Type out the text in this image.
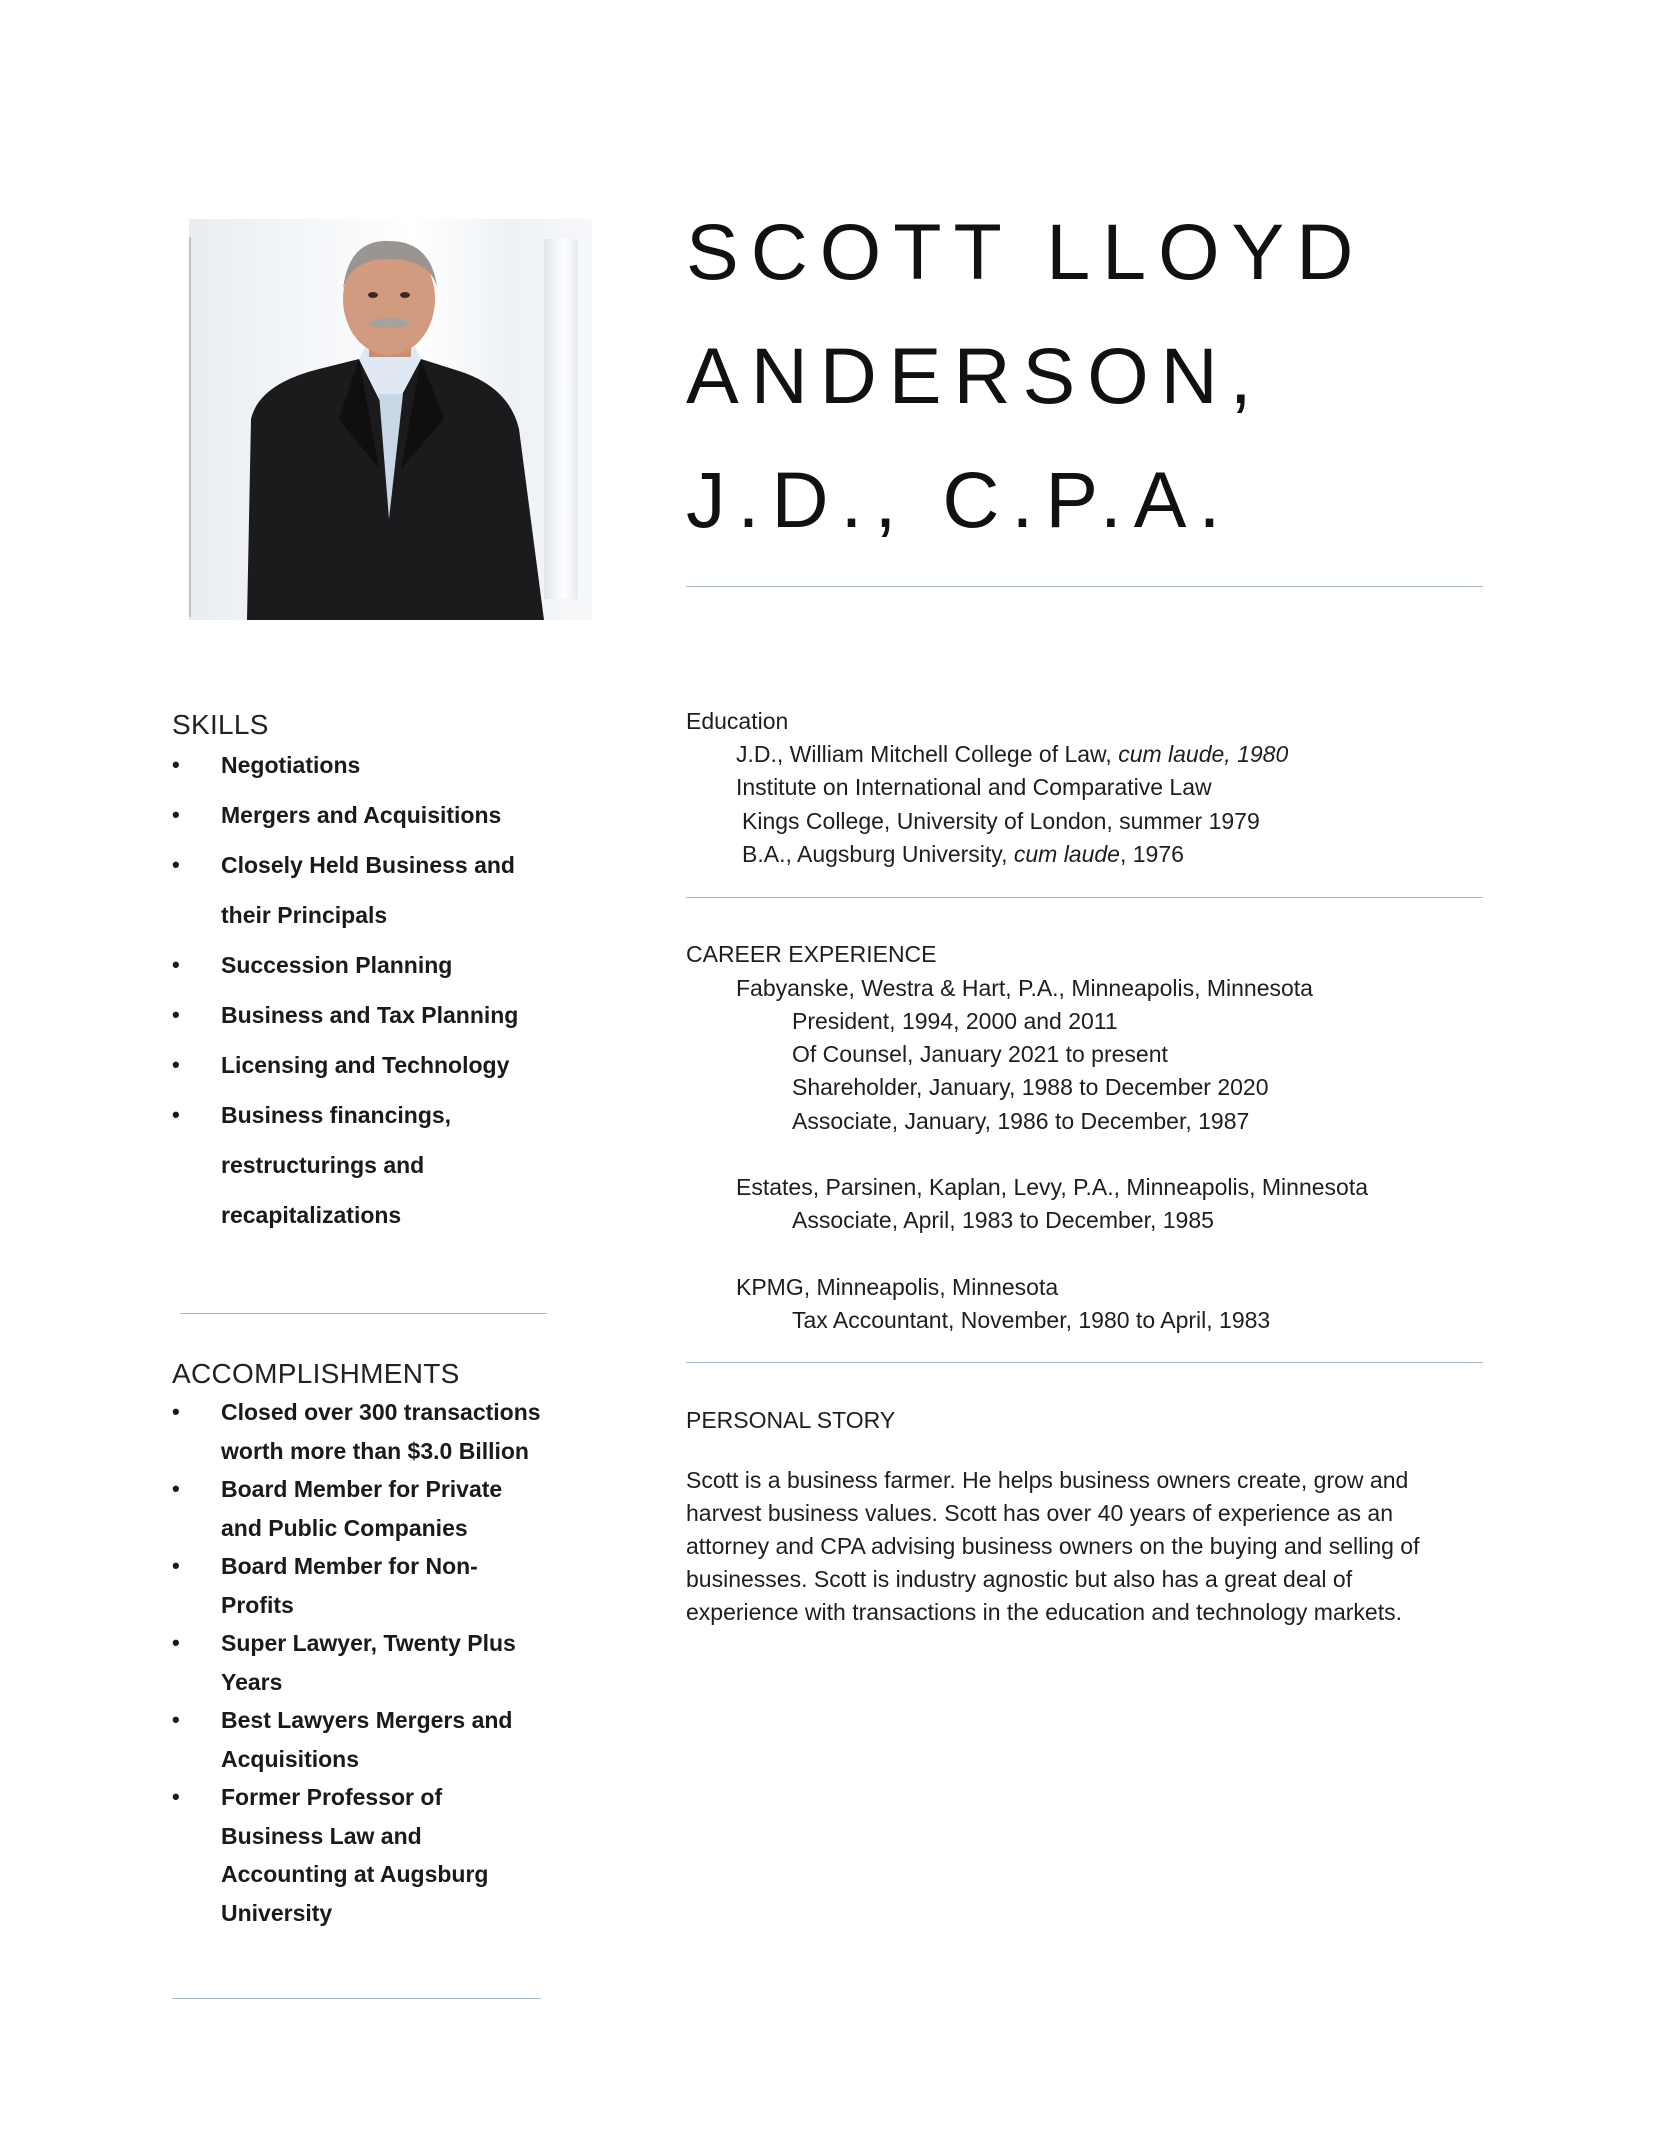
SCOTT LLOYD
ANDERSON,
J.D., C.P.A.
SKILLS
• Negotiations
• Mergers and Acquisitions
• Closely Held Business and
their Principals
• Succession Planning
• Business and Tax Planning
• Licensing and Technology
• Business financings,
restructurings and
recapitalizations
ACCOMPLISHMENTS
• Closed over 300 transactions
worth more than $3.0 Billion
• Board Member for Private
and Public Companies
• Board Member for Non-
Profits
• Super Lawyer, Twenty Plus
Years
• Best Lawyers Mergers and
Acquisitions
• Former Professor of
Business Law and
Accounting at Augsburg
University
Education
J.D., William Mitchell College of Law, cum laude, 1980
Institute on International and Comparative Law
Kings College, University of London, summer 1979
B.A., Augsburg University, cum laude, 1976
CAREER EXPERIENCE
Fabyanske, Westra & Hart, P.A., Minneapolis, Minnesota
President, 1994, 2000 and 2011
Of Counsel, January 2021 to present
Shareholder, January, 1988 to December 2020
Associate, January, 1986 to December, 1987
Estates, Parsinen, Kaplan, Levy, P.A., Minneapolis, Minnesota
Associate, April, 1983 to December, 1985
KPMG, Minneapolis, Minnesota
Tax Accountant, November, 1980 to April, 1983
PERSONAL STORY
Scott is a business farmer. He helps business owners create, grow and
harvest business values. Scott has over 40 years of experience as an
attorney and CPA advising business owners on the buying and selling of
businesses. Scott is industry agnostic but also has a great deal of
experience with transactions in the education and technology markets.
